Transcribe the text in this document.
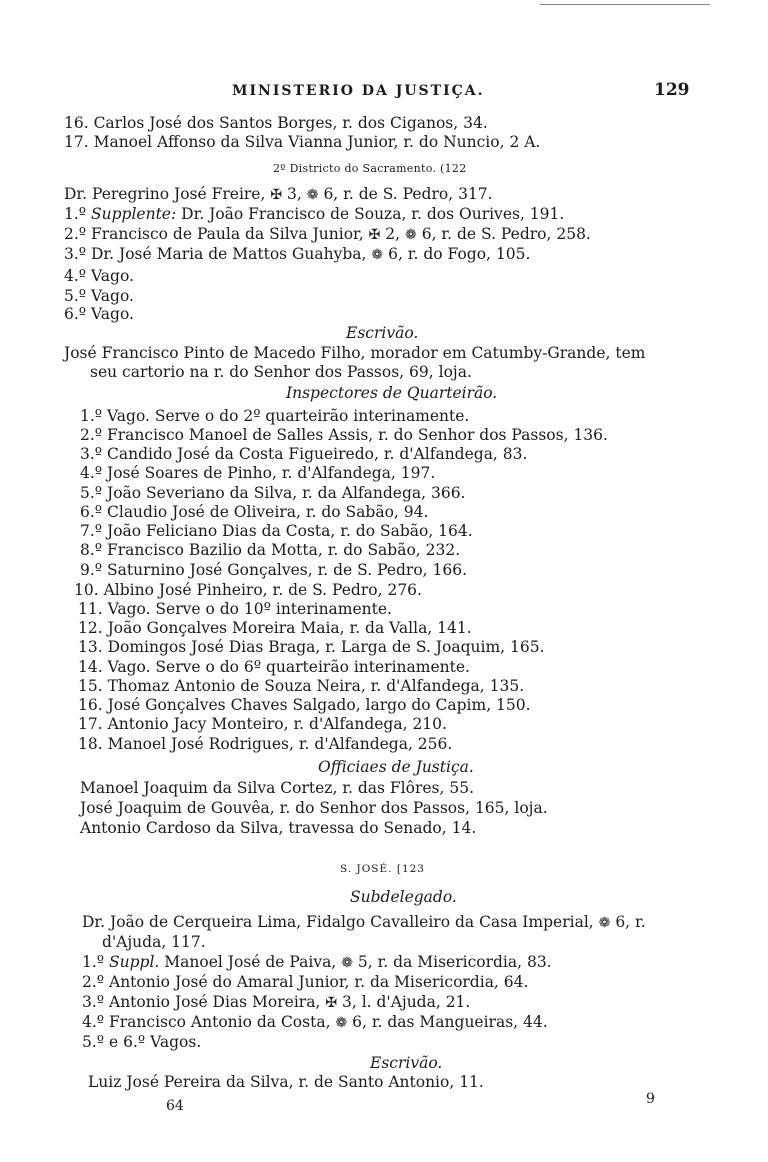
MINISTERIO DA JUSTIÇA.	129
16. Carlos José dos Santos Borges, r. dos Ciganos, 34.
17. Manoel Affonso da Silva Vianna Junior, r. do Nuncio, 2 A.
2º Districto do Sacramento. (122
Dr. Peregrino José Freire, ✠ 3, ❁ 6, r. de S. Pedro, 317.
1.º Supplente: Dr. João Francisco de Souza, r. dos Ourives, 191.
2.º Francisco de Paula da Silva Junior, ✠ 2, ❁ 6, r. de S. Pedro, 258.
3.º Dr. José Maria de Mattos Guahyba, ❁ 6, r. do Fogo, 105.
4.º Vago.
5.º Vago.
6.º Vago.
Escrivão.
José Francisco Pinto de Macedo Filho, morador em Catumby-Grande, tem
seu cartorio na r. do Senhor dos Passos, 69, loja.
Inspectores de Quarteirão.
1.º Vago. Serve o do 2º quarteirão interinamente.
2.º Francisco Manoel de Salles Assis, r. do Senhor dos Passos, 136.
3.º Candido José da Costa Figueiredo, r. d'Alfandega, 83.
4.º José Soares de Pinho, r. d'Alfandega, 197.
5.º João Severiano da Silva, r. da Alfandega, 366.
6.º Claudio José de Oliveira, r. do Sabão, 94.
7.º João Feliciano Dias da Costa, r. do Sabão, 164.
8.º Francisco Bazilio da Motta, r. do Sabão, 232.
9.º Saturnino José Gonçalves, r. de S. Pedro, 166.
10. Albino José Pinheiro, r. de S. Pedro, 276.
11. Vago. Serve o do 10º interinamente.
12. João Gonçalves Moreira Maia, r. da Valla, 141.
13. Domingos José Dias Braga, r. Larga de S. Joaquim, 165.
14. Vago. Serve o do 6º quarteirão interinamente.
15. Thomaz Antonio de Souza Neira, r. d'Alfandega, 135.
16. José Gonçalves Chaves Salgado, largo do Capim, 150.
17. Antonio Jacy Monteiro, r. d'Alfandega, 210.
18. Manoel José Rodrigues, r. d'Alfandega, 256.
Officiaes de Justiça.
Manoel Joaquim da Silva Cortez, r. das Flôres, 55.
José Joaquim de Gouvêa, r. do Senhor dos Passos, 165, loja.
Antonio Cardoso da Silva, travessa do Senado, 14.
S. JOSÉ. [123
Subdelegado.
Dr. João de Cerqueira Lima, Fidalgo Cavalleiro da Casa Imperial, ❁ 6, r.
d'Ajuda, 117.
1.º Suppl. Manoel José de Paiva, ❁ 5, r. da Misericordia, 83.
2.º Antonio José do Amaral Junior, r. da Misericordia, 64.
3.º Antonio José Dias Moreira, ✠ 3, l. d'Ajuda, 21.
4.º Francisco Antonio da Costa, ❁ 6, r. das Mangueiras, 44.
5.º e 6.º Vagos.
Escrivão.
Luiz José Pereira da Silva, r. de Santo Antonio, 11.
64	9
